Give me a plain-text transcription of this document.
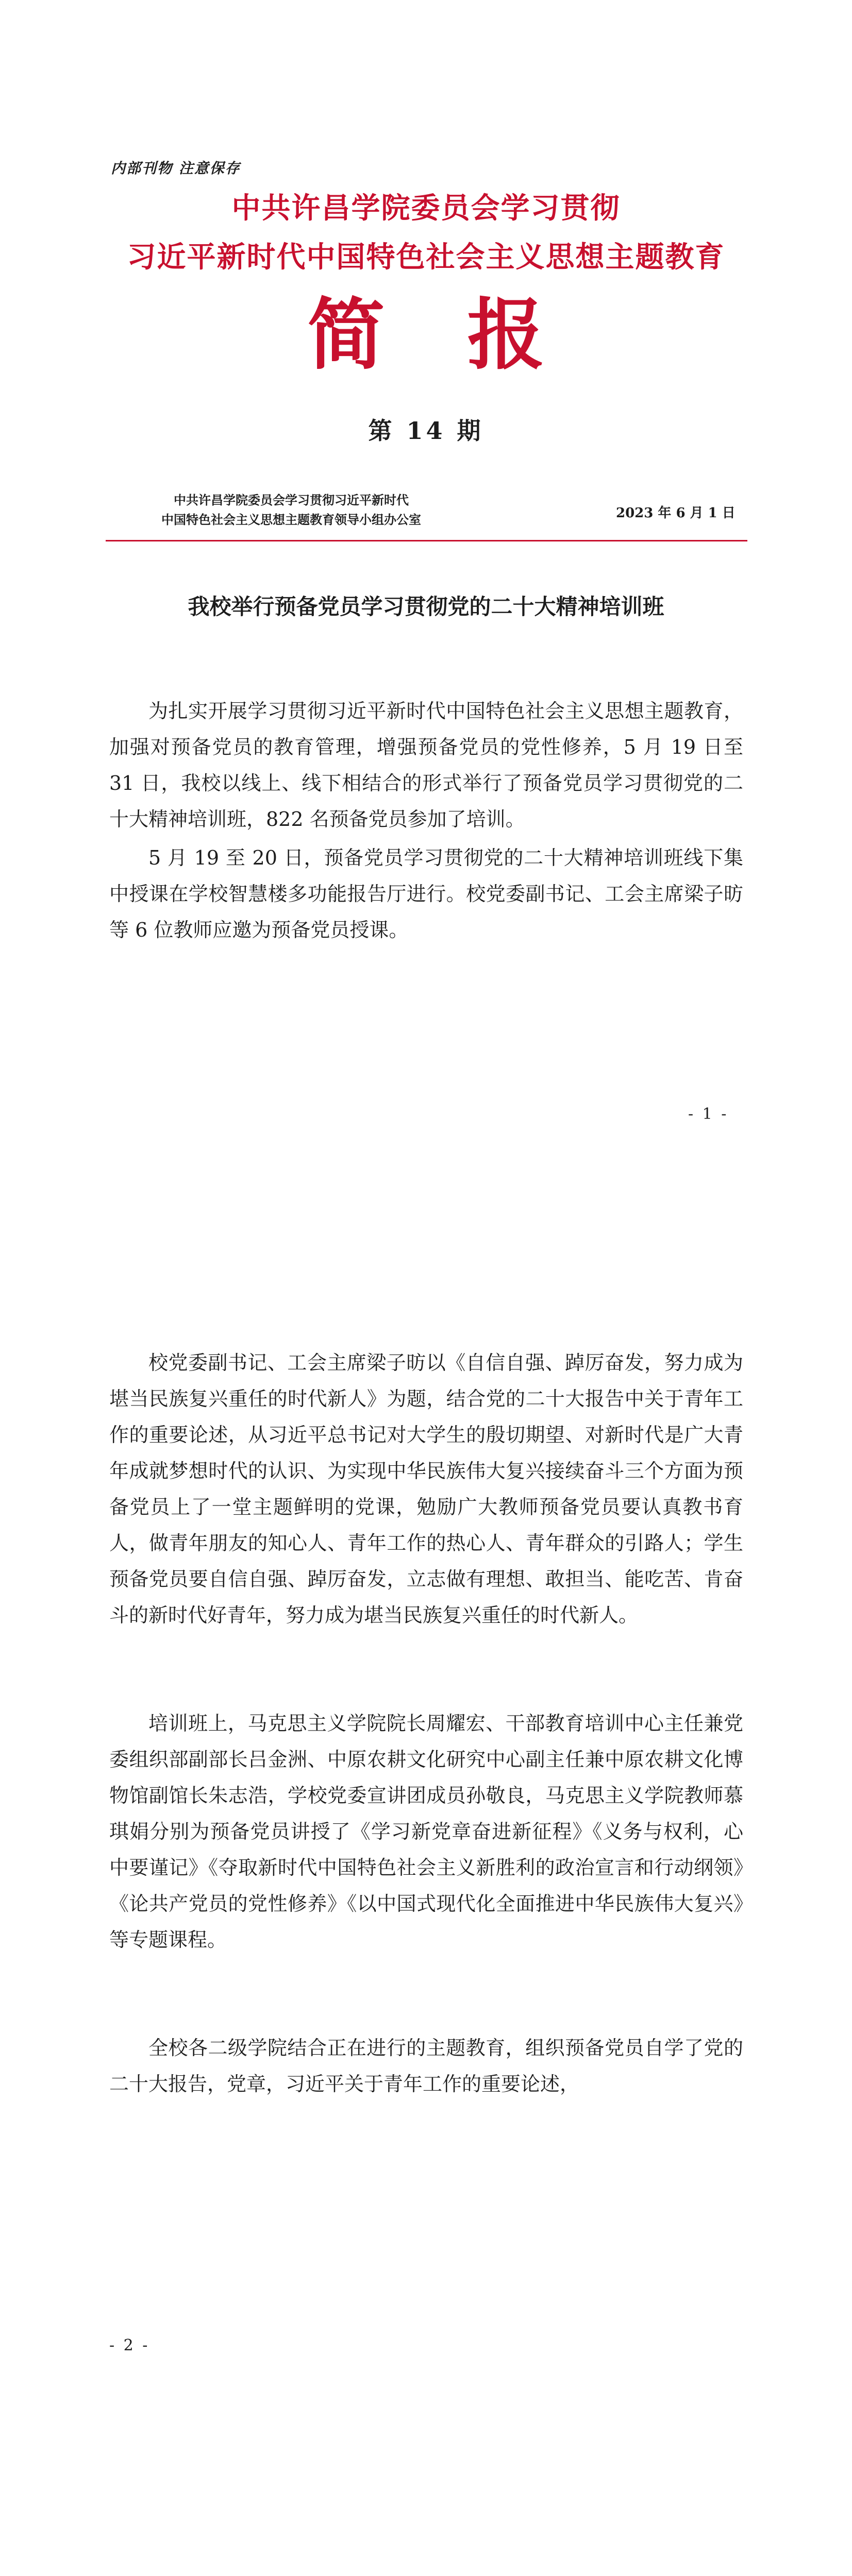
内部刊物 注意保存
中共许昌学院委员会学习贯彻
习近平新时代中国特色社会主义思想主题教育
简报
第 14 期
中共许昌学院委员会学习贯彻习近平新时代
中国特色社会主义思想主题教育领导小组办公室	2023 年 6 月 1 日
我校举行预备党员学习贯彻党的二十大精神培训班

为扎实开展学习贯彻习近平新时代中国特色社会主义思想主题教育，加强对预备党员的教育管理，增强预备党员的党性修养，5 月 19 日至 31 日，我校以线上、线下相结合的形式举行了预备党员学习贯彻党的二十大精神培训班，822 名预备党员参加了培训。

5 月 19 至 20 日，预备党员学习贯彻党的二十大精神培训班线下集中授课在学校智慧楼多功能报告厅进行。校党委副书记、工会主席梁子昉等 6 位教师应邀为预备党员授课。

- 1 -

校党委副书记、工会主席梁子昉以《自信自强、踔厉奋发，努力成为堪当民族复兴重任的时代新人》为题，结合党的二十大报告中关于青年工作的重要论述，从习近平总书记对大学生的殷切期望、对新时代是广大青年成就梦想时代的认识、为实现中华民族伟大复兴接续奋斗三个方面为预备党员上了一堂主题鲜明的党课，勉励广大教师预备党员要认真教书育人，做青年朋友的知心人、青年工作的热心人、青年群众的引路人；学生预备党员要自信自强、踔厉奋发，立志做有理想、敢担当、能吃苦、肯奋斗的新时代好青年，努力成为堪当民族复兴重任的时代新人。

培训班上，马克思主义学院院长周耀宏、干部教育培训中心主任兼党委组织部副部长吕金洲、中原农耕文化研究中心副主任兼中原农耕文化博物馆副馆长朱志浩，学校党委宣讲团成员孙敬良，马克思主义学院教师慕琪娟分别为预备党员讲授了《学习新党章奋进新征程》《义务与权利，心中要谨记》《夺取新时代中国特色社会主义新胜利的政治宣言和行动纲领》《论共产党员的党性修养》《以中国式现代化全面推进中华民族伟大复兴》等专题课程。

全校各二级学院结合正在进行的主题教育，组织预备党员自学了党的二十大报告，党章，习近平关于青年工作的重要论述，

- 2 -
